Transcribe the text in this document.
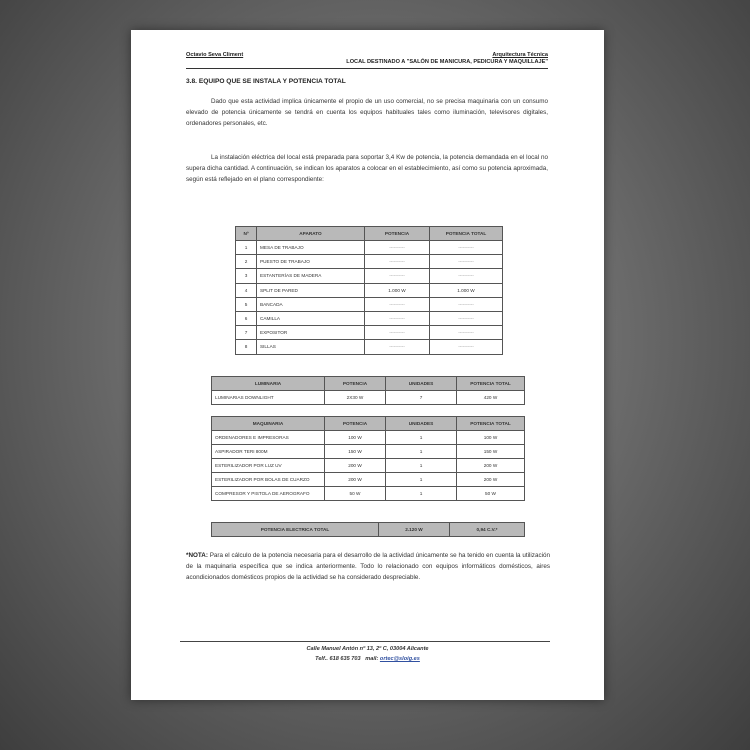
Octavio Seva Climent	Arquitectura Técnica
LOCAL DESTINADO A "SALÓN DE MANICURA, PEDICURA Y MAQUILLAJE"
3.8. EQUIPO QUE SE INSTALA Y POTENCIA TOTAL
Dado que esta actividad implica únicamente el propio de un uso comercial, no se precisa maquinaria con un consumo elevado de potencia únicamente se tendrá en cuenta los equipos habituales tales como iluminación, televisores digitales, ordenadores personales, etc.
La instalación eléctrica del local está preparada para soportar 3,4 Kw de potencia, la potencia demandada en el local no supera dicha cantidad. A continuación, se indican los aparatos a colocar en el establecimiento, así como su potencia aproximada, según está reflejado en el plano correspondiente:
Nº	APARATO	POTENCIA	POTENCIA TOTAL
1	MESA DE TRABAJO	----------	----------
2	PUESTO DE TRABAJO	----------	----------
3	ESTANTERÍAS DE MADERA	----------	----------
4	SPLIT DE PARED	1.000 W	1.000 W
5	BANCADA	----------	----------
6	CAMILLA	----------	----------
7	EXPOSITOR	----------	----------
8	SILLAS	----------	----------
LUMINARIA	POTENCIA	UNIDADES	POTENCIA TOTAL
LUMINARIAS DOWNLIGHT	2X30 W	7	420 W
MAQUINARIA	POTENCIA	UNIDADES	POTENCIA TOTAL
ORDENADORES E IMPRESORAS	100 W	1	100 W
ASPIRADOR TERI 800M	150 W	1	150 W
ESTERILIZADOR POR LUZ UV	200 W	1	200 W
ESTERILIZADOR POR BOLAS DE CUARZO	200 W	1	200 W
COMPRESOR Y PISTOLA DE AEROGRAFO	50 W	1	50 W
POTENCIA ELECTRICA TOTAL	2.120 W	0,94 C.V.*
*NOTA: Para el cálculo de la potencia necesaria para el desarrollo de la actividad únicamente se ha tenido en cuenta la utilización de la maquinaria específica que se indica anteriormente. Todo lo relacionado con equipos informáticos domésticos, aires acondicionados domésticos propios de la actividad se ha considerado despreciable.
Calle Manuel Antón nº 13, 2º C, 03004 Alicante
Telf.. 618 635 703 mail: ortec@sloig.es
